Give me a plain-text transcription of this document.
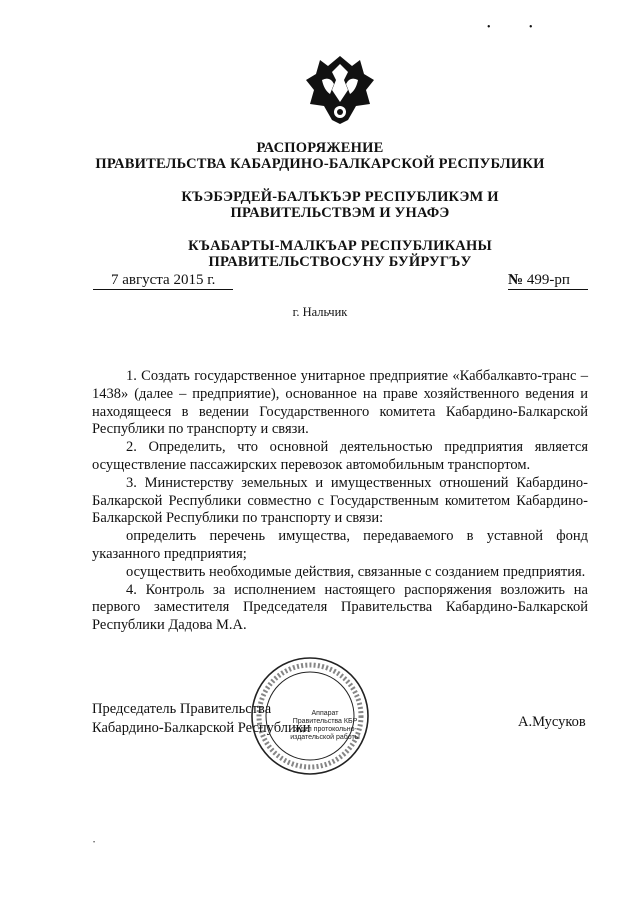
• •
РАСПОРЯЖЕНИЕ
ПРАВИТЕЛЬСТВА КАБАРДИНО-БАЛКАРСКОЙ РЕСПУБЛИКИ
КЪЭБЭРДЕЙ-БАЛЪКЪЭР РЕСПУБЛИКЭМ И ПРАВИТЕЛЬСТВЭМ И УНАФЭ
КЪАБАРТЫ-МАЛКЪАР РЕСПУБЛИКАНЫ ПРАВИТЕЛЬСТВОСУНУ БУЙРУГЪУ
7 августа 2015 г.	№ 499-рп
г. Нальчик

1. Создать государственное унитарное предприятие «Каббалкавто-транс – 1438» (далее – предприятие), основанное на праве хозяйственного ведения и находящееся в ведении Государственного комитета Кабардино-Балкарской Республики по транспорту и связи.

2. Определить, что основной деятельностью предприятия является осуществление пассажирских перевозок автомобильным транспортом.

3. Министерству земельных и имущественных отношений Кабардино-Балкарской Республики совместно с Государственным комитетом Кабардино-Балкарской Республики по транспорту и связи:

определить перечень имущества, передаваемого в уставной фонд указанного предприятия;

осуществить необходимые действия, связанные с созданием предприятия.

4. Контроль за исполнением настоящего распоряжения возложить на первого заместителя Председателя Правительства Кабардино-Балкарской Республики Дадова М.А.

Председатель Правительства
Кабардино-Балкарской Республики
Аппарат Правительства КБР отдел протокольно-издательской работы
А.Мусуков
•
